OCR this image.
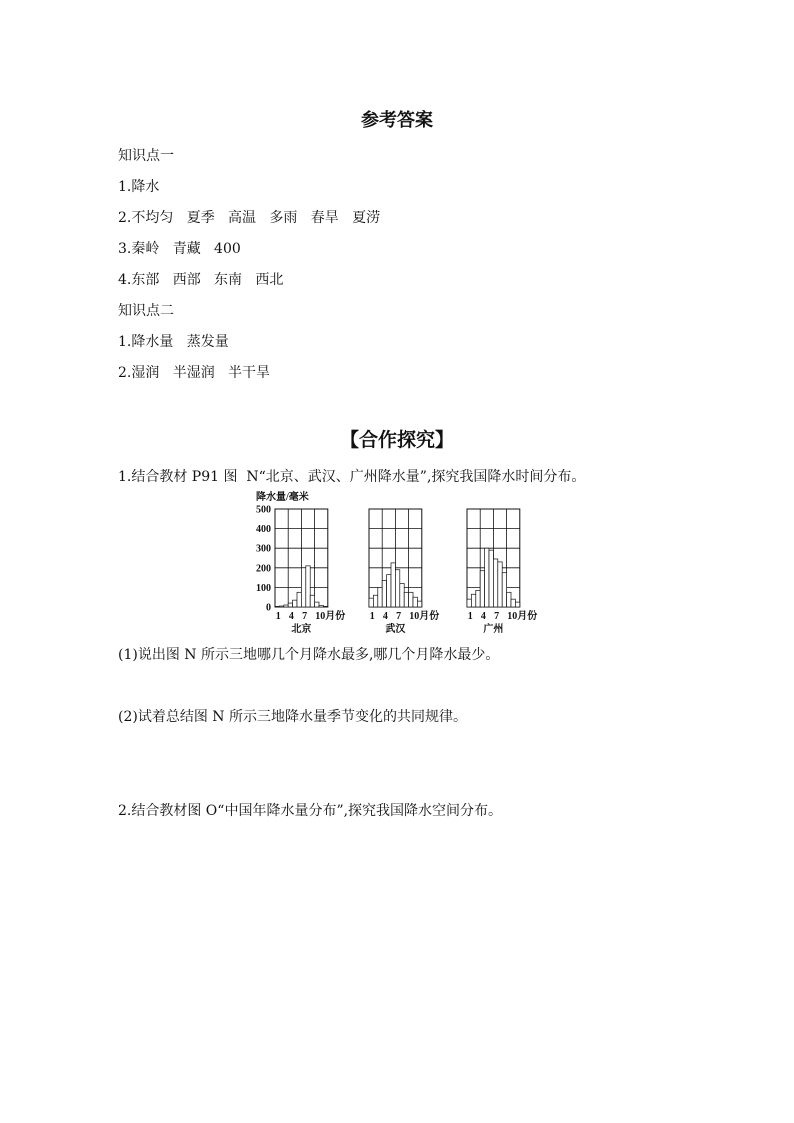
参考答案
知识点一
1.降水
2.不均匀   夏季   高温   多雨   春旱   夏涝
3.秦岭   青藏   400
4.东部   西部   东南   西北
知识点二
1.降水量   蒸发量
2.湿润   半湿润   半干旱
【合作探究】
1.结合教材 P91 图  N“北京、武汉、广州降水量”,探究我国降水时间分布。
降水量/毫米
0
100
200
300
400
500
1 4 7 10月份
北京
1 4 7 10月份
武汉
1 4 7 10月份
广州
(1)说出图 N 所示三地哪几个月降水最多,哪几个月降水最少。
(2)试着总结图 N 所示三地降水量季节变化的共同规律。
2.结合教材图 O“中国年降水量分布”,探究我国降水空间分布。
